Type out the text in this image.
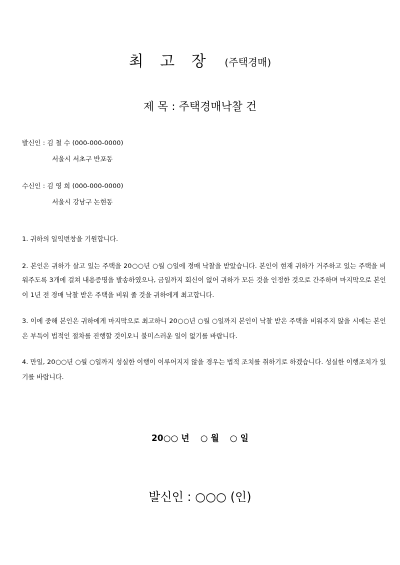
최 고 장 (주택경매)
제 목 : 주택경매낙찰 건
발신인 : 김 철 수 (000-000-0000)
서울시 서초구 반포동
수신인 : 김 영 희 (000-000-0000)
서울시 강남구 논현동

1. 귀하의 일익번창을 기원합니다.

2. 본인은 귀하가 살고 있는 주택을 20○○년 ○월 ○일에 경매 낙찰을 받았습니다. 본인이 현재 귀하가 거주하고 있는 주택을 비워주도록 3개에 걸쳐 내용증명을 발송하였으나, 금일까지 회신이 없어 귀하가 모든 것을 인정한 것으로 간주하며 마지막으로 본인이 1년 전 경매 낙찰 받은 주택을 비워 줄 것을 귀하에게 최고합니다.

3. 이에 중해 본인은 귀하에게 마지막으로 최고하니 20○○년 ○월 ○일까지 본인이 낙찰 받은 주택을 비워주지 않을 시에는 본인은 부득이 법적인 절차를 진행할 것이오니 불미스러운 일이 없기를 바랍니다.

4. 만일, 20○○년 ○월 ○일까지 성실한 이행이 이루어지지 않을 경우는 법적 조치를 취하기로 하겠습니다. 성실한 이행조치가 있기를 바랍니다.

20○○ 년 ○ 월 ○ 일
발신인 : ○○○ (인)
